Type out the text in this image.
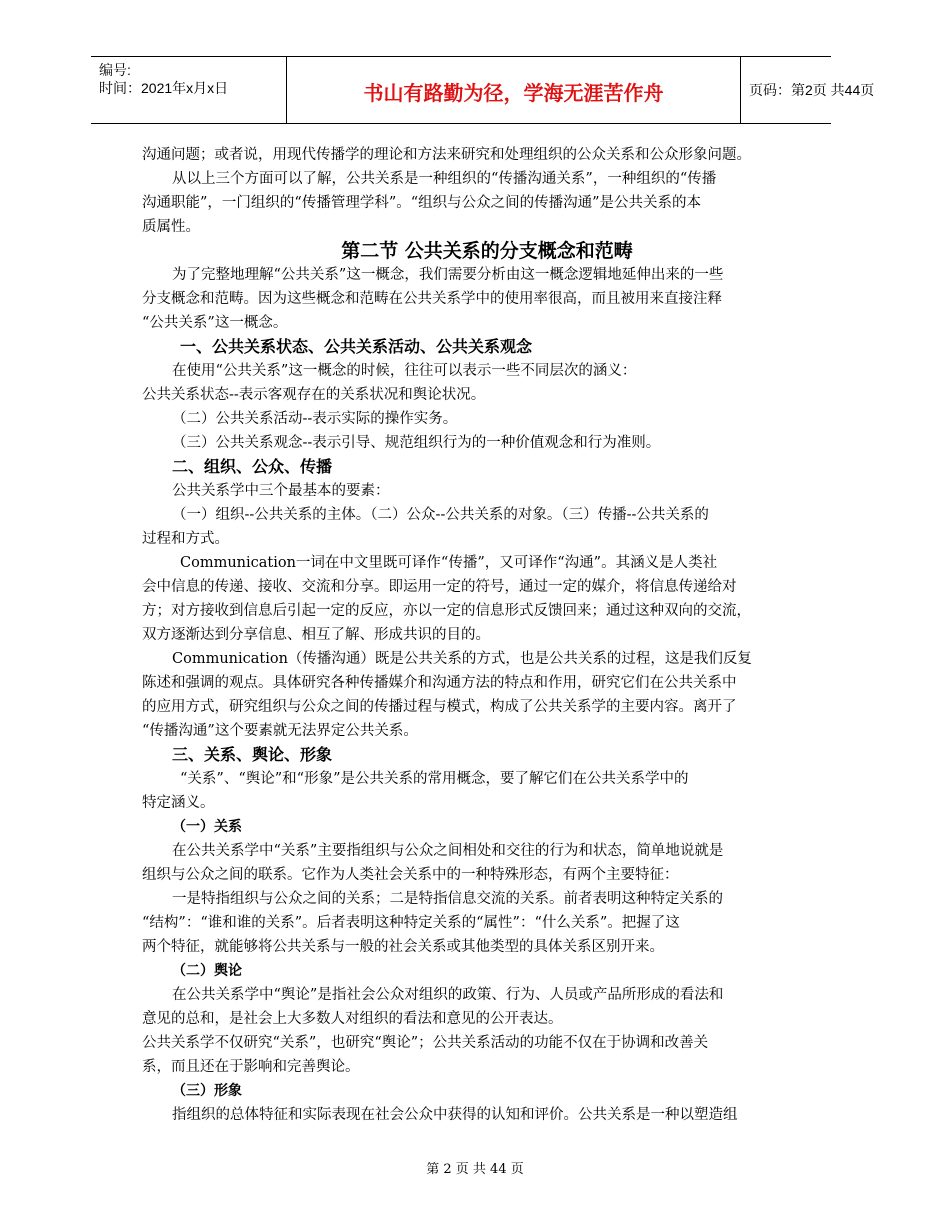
编号:
时间：2021年x月x日	书山有路勤为径，学海无涯苦作舟	页码：第2页 共44页

沟通问题；或者说，用现代传播学的理论和方法来研究和处理组织的公众关系和公众形象问题。

从以上三个方面可以了解，公共关系是一种组织的“传播沟通关系”，一种组织的“传播

沟通职能”，一门组织的“传播管理学科”。“组织与公众之间的传播沟通”是公共关系的本

质属性。

第二节 公共关系的分支概念和范畴

为了完整地理解“公共关系”这一概念，我们需要分析由这一概念逻辑地延伸出来的一些

分支概念和范畴。因为这些概念和范畴在公共关系学中的使用率很高，而且被用来直接注释

“公共关系”这一概念。

一、公共关系状态、公共关系活动、公共关系观念

在使用“公共关系”这一概念的时候，往往可以表示一些不同层次的涵义：

公共关系状态--表示客观存在的关系状况和舆论状况。

（二）公共关系活动--表示实际的操作实务。

（三）公共关系观念--表示引导、规范组织行为的一种价值观念和行为准则。

二、组织、公众、传播

公共关系学中三个最基本的要素：

（一）组织--公共关系的主体。（二）公众--公共关系的对象。（三）传播--公共关系的

过程和方式。

Communication一词在中文里既可译作“传播”，又可译作“沟通”。其涵义是人类社

会中信息的传递、接收、交流和分享。即运用一定的符号，通过一定的媒介，将信息传递给对

方；对方接收到信息后引起一定的反应，亦以一定的信息形式反馈回来；通过这种双向的交流，

双方逐渐达到分享信息、相互了解、形成共识的目的。

Communication（传播沟通）既是公共关系的方式，也是公共关系的过程，这是我们反复

陈述和强调的观点。具体研究各种传播媒介和沟通方法的特点和作用，研究它们在公共关系中

的应用方式，研究组织与公众之间的传播过程与模式，构成了公共关系学的主要内容。离开了

“传播沟通”这个要素就无法界定公共关系。

三、关系、舆论、形象

“关系”、“舆论”和“形象”是公共关系的常用概念，要了解它们在公共关系学中的

特定涵义。

（一）关系

在公共关系学中“关系”主要指组织与公众之间相处和交往的行为和状态，简单地说就是

组织与公众之间的联系。它作为人类社会关系中的一种特殊形态，有两个主要特征：

一是特指组织与公众之间的关系；二是特指信息交流的关系。前者表明这种特定关系的

“结构”：“谁和谁的关系”。后者表明这种特定关系的“属性”：“什么关系”。把握了这

两个特征，就能够将公共关系与一般的社会关系或其他类型的具体关系区别开来。

（二）舆论

在公共关系学中“舆论”是指社会公众对组织的政策、行为、人员或产品所形成的看法和

意见的总和，是社会上大多数人对组织的看法和意见的公开表达。

公共关系学不仅研究“关系”，也研究“舆论”；公共关系活动的功能不仅在于协调和改善关

系，而且还在于影响和完善舆论。

（三）形象

指组织的总体特征和实际表现在社会公众中获得的认知和评价。公共关系是一种以塑造组

第 2 页 共 44 页
